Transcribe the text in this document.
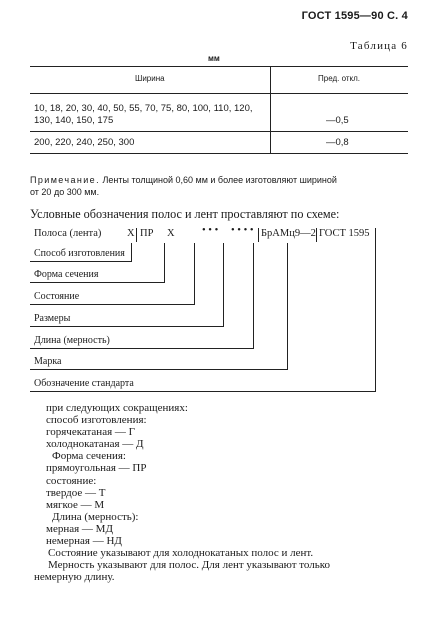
ГОСТ 1595—90 С. 4
Таблица 6
мм
Ширина	Пред. откл.
10, 18, 20, 30, 40, 50, 55, 70, 75, 80, 100, 110, 120,
130, 140, 150, 175	—0,5
200, 220, 240, 250, 300	—0,8
Примечание. Ленты толщиной 0,60 мм и более изготовляют шириной
от 20 до 300 мм.
Условные обозначения полос и лент проставляют по схеме:
Полоса (лента) Х ПР Х	• • • • • • • БрАМц9—2 ГОСТ 1595
Способ изготовления
Форма сечения
Состояние
Размеры
Длина (мерность)
Марка
Обозначение стандарта
при следующих сокращениях:
способ изготовления:
горячекатаная — Г
холоднокатаная — Д
Форма сечения:
прямоугольная — ПР
состояние:
твердое — Т
мягкое — М
Длина (мерность):
мерная — МД
немерная — НД
Состояние указывают для холоднокатаных полос и лент.
Мерность указывают для полос. Для лент указывают только
немерную длину.
